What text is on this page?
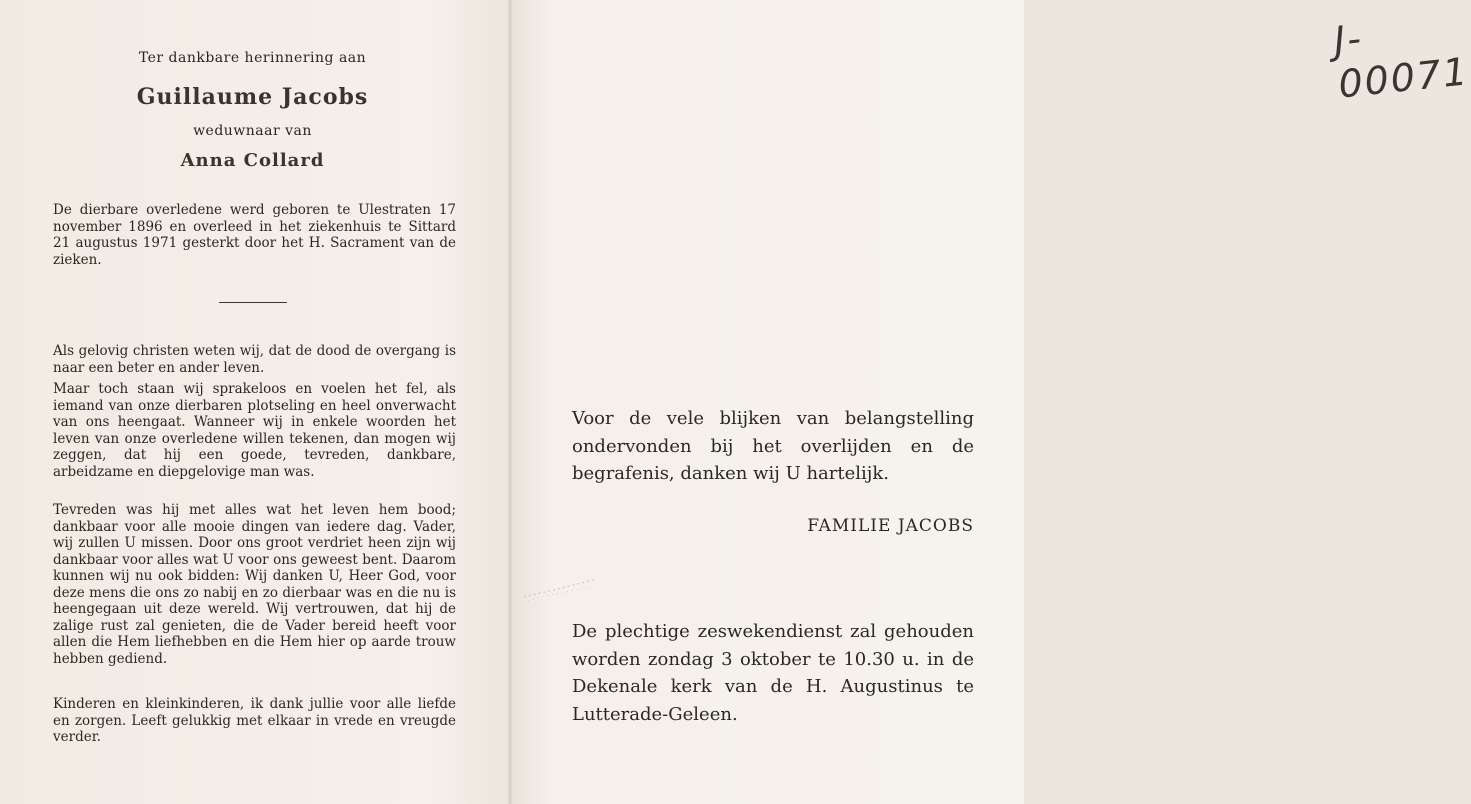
Ter dankbare herinnering aan
Guillaume Jacobs
weduwnaar van
Anna Collard
De dierbare overledene werd geboren te Ulestraten 17 november 1896 en overleed in het ziekenhuis te Sittard 21 augustus 1971 gesterkt door het H. Sacrament van de zieken.
Als gelovig christen weten wij, dat de dood de overgang is naar een beter en ander leven.
Maar toch staan wij sprakeloos en voelen het fel, als iemand van onze dierbaren plotseling en heel onverwacht van ons heengaat. Wanneer wij in enkele woorden het leven van onze overledene willen tekenen, dan mogen wij zeggen, dat hij een goede, tevreden, dankbare, arbeidzame en diepgelovige man was.
Tevreden was hij met alles wat het leven hem bood; dankbaar voor alle mooie dingen van iedere dag. Vader, wij zullen U missen. Door ons groot verdriet heen zijn wij dankbaar voor alles wat U voor ons geweest bent. Daarom kunnen wij nu ook bidden: Wij danken U, Heer God, voor deze mens die ons zo nabij en zo dierbaar was en die nu is heengegaan uit deze wereld. Wij vertrouwen, dat hij de zalige rust zal genieten, die de Vader bereid heeft voor allen die Hem liefhebben en die Hem hier op aarde trouw hebben gediend.
Kinderen en kleinkinderen, ik dank jullie voor alle liefde en zorgen. Leeft gelukkig met elkaar in vrede en vreugde verder.
J-00071
Voor de vele blijken van belangstelling ondervonden bij het overlijden en de begrafenis, danken wij U hartelijk.
FAMILIE JACOBS
De plechtige zeswekendienst zal gehouden worden zondag 3 oktober te 10.30 u. in de Dekenale kerk van de H. Augustinus te Lutterade-Geleen.
